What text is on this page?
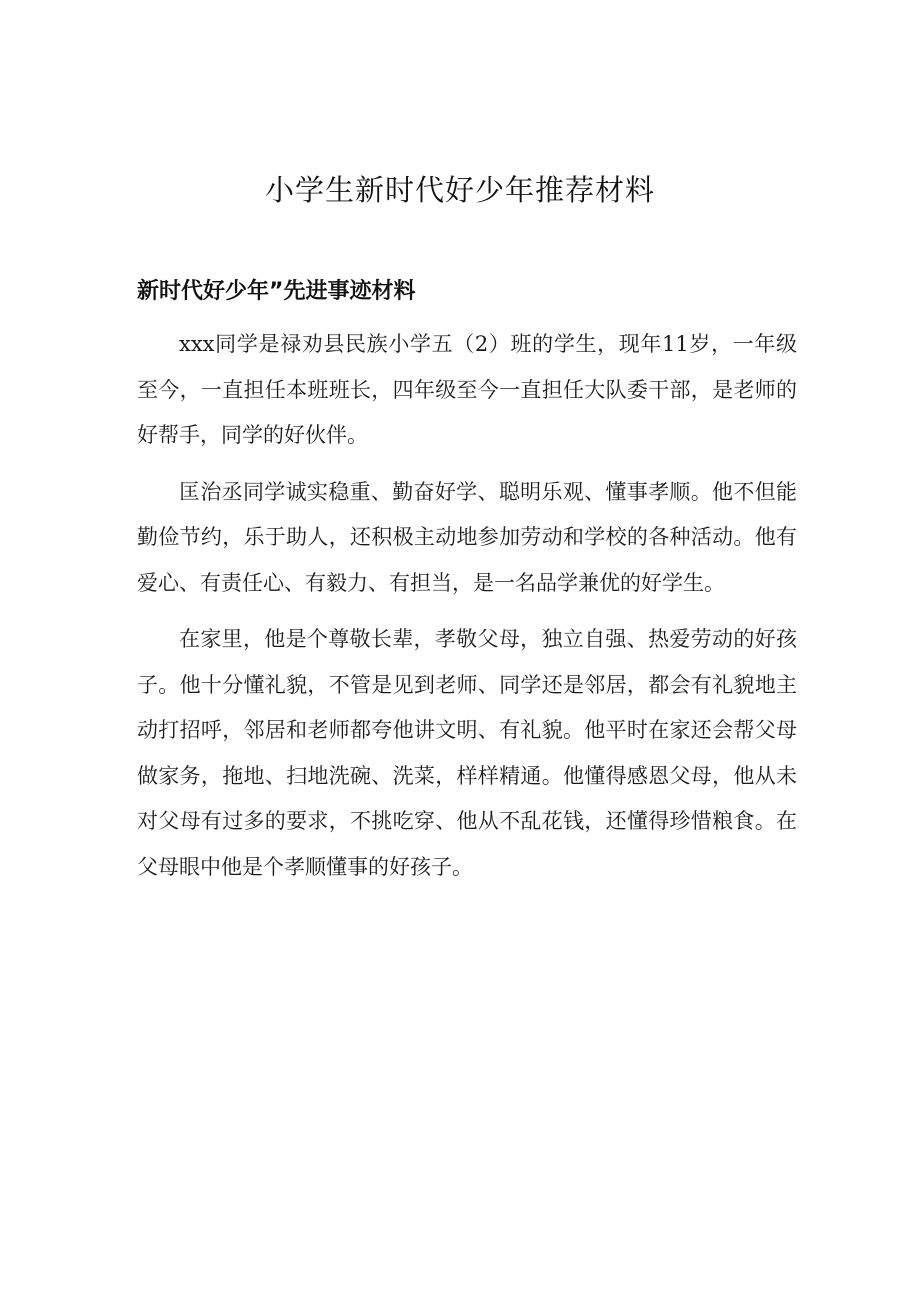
小学生新时代好少年推荐材料
新时代好少年”先进事迹材料

xxx同学是禄劝县民族小学五（2）班的学生，现年11岁，一年级至今，一直担任本班班长，四年级至今一直担任大队委干部，是老师的好帮手，同学的好伙伴。

匡治丞同学诚实稳重、勤奋好学、聪明乐观、懂事孝顺。他不但能勤俭节约，乐于助人，还积极主动地参加劳动和学校的各种活动。他有爱心、有责任心、有毅力、有担当，是一名品学兼优的好学生。

在家里，他是个尊敬长辈，孝敬父母，独立自强、热爱劳动的好孩子。他十分懂礼貌，不管是见到老师、同学还是邻居，都会有礼貌地主动打招呼，邻居和老师都夸他讲文明、有礼貌。他平时在家还会帮父母做家务，拖地、扫地洗碗、洗菜，样样精通。他懂得感恩父母，他从未对父母有过多的要求，不挑吃穿、他从不乱花钱，还懂得珍惜粮食。在父母眼中他是个孝顺懂事的好孩子。
